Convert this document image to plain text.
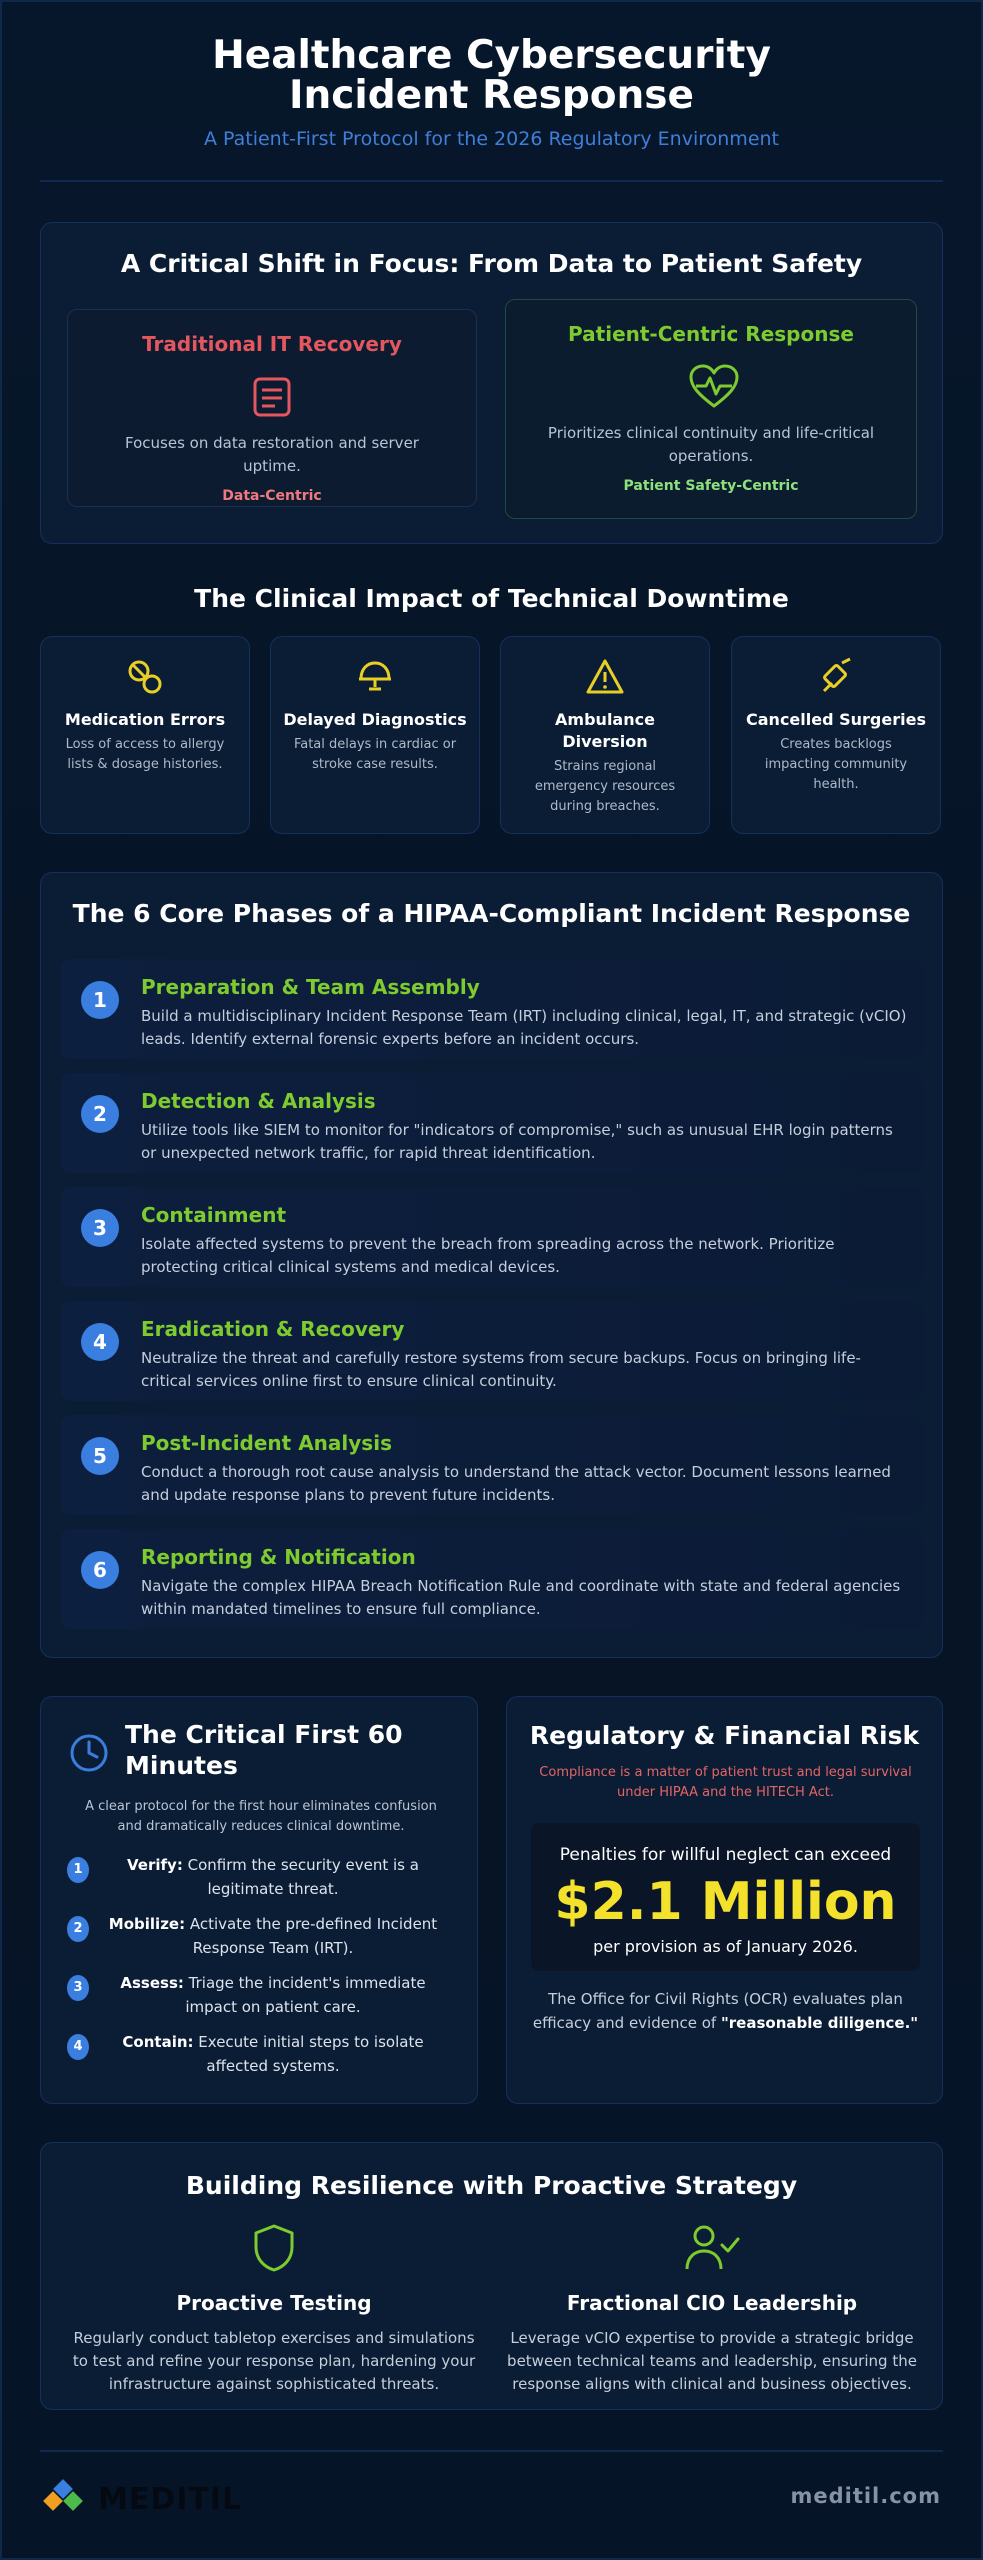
Healthcare Cybersecurity Incident Response
A Patient-First Protocol for the 2026 Regulatory Environment
A Critical Shift in Focus: From Data to Patient Safety
Traditional IT Recovery
Focuses on data restoration and server uptime.
Data-Centric
Patient-Centric Response
Prioritizes clinical continuity and life-critical operations.
Patient Safety-Centric
The Clinical Impact of Technical Downtime
Medication Errors
Loss of access to allergy lists & dosage histories.
Delayed Diagnostics
Fatal delays in cardiac or stroke case results.
Ambulance Diversion
Strains regional emergency resources during breaches.
Cancelled Surgeries
Creates backlogs impacting community health.
The 6 Core Phases of a HIPAA-Compliant Incident Response
1
Preparation & Team Assembly
Build a multidisciplinary Incident Response Team (IRT) including clinical, legal, IT, and strategic (vCIO) leads. Identify external forensic experts before an incident occurs.
2
Detection & Analysis
Utilize tools like SIEM to monitor for "indicators of compromise," such as unusual EHR login patterns or unexpected network traffic, for rapid threat identification.
3
Containment
Isolate affected systems to prevent the breach from spreading across the network. Prioritize protecting critical clinical systems and medical devices.
4
Eradication & Recovery
Neutralize the threat and carefully restore systems from secure backups. Focus on bringing life-critical services online first to ensure clinical continuity.
5
Post-Incident Analysis
Conduct a thorough root cause analysis to understand the attack vector. Document lessons learned and update response plans to prevent future incidents.
6
Reporting & Notification
Navigate the complex HIPAA Breach Notification Rule and coordinate with state and federal agencies within mandated timelines to ensure full compliance.
The Critical First 60 Minutes
A clear protocol for the first hour eliminates confusion and dramatically reduces clinical downtime.
1	Verify: Confirm the security event is a legitimate threat.
2	Mobilize: Activate the pre-defined Incident Response Team (IRT).
3	Assess: Triage the incident's immediate impact on patient care.
4	Contain: Execute initial steps to isolate affected systems.
Regulatory & Financial Risk
Compliance is a matter of patient trust and legal survival under HIPAA and the HITECH Act.
Penalties for willful neglect can exceed
$2.1 Million
per provision as of January 2026.
The Office for Civil Rights (OCR) evaluates plan efficacy and evidence of "reasonable diligence."
Building Resilience with Proactive Strategy
Proactive Testing
Regularly conduct tabletop exercises and simulations to test and refine your response plan, hardening your infrastructure against sophisticated threats.
Fractional CIO Leadership
Leverage vCIO expertise to provide a strategic bridge between technical teams and leadership, ensuring the response aligns with clinical and business objectives.
MEDITIL	meditil.com
